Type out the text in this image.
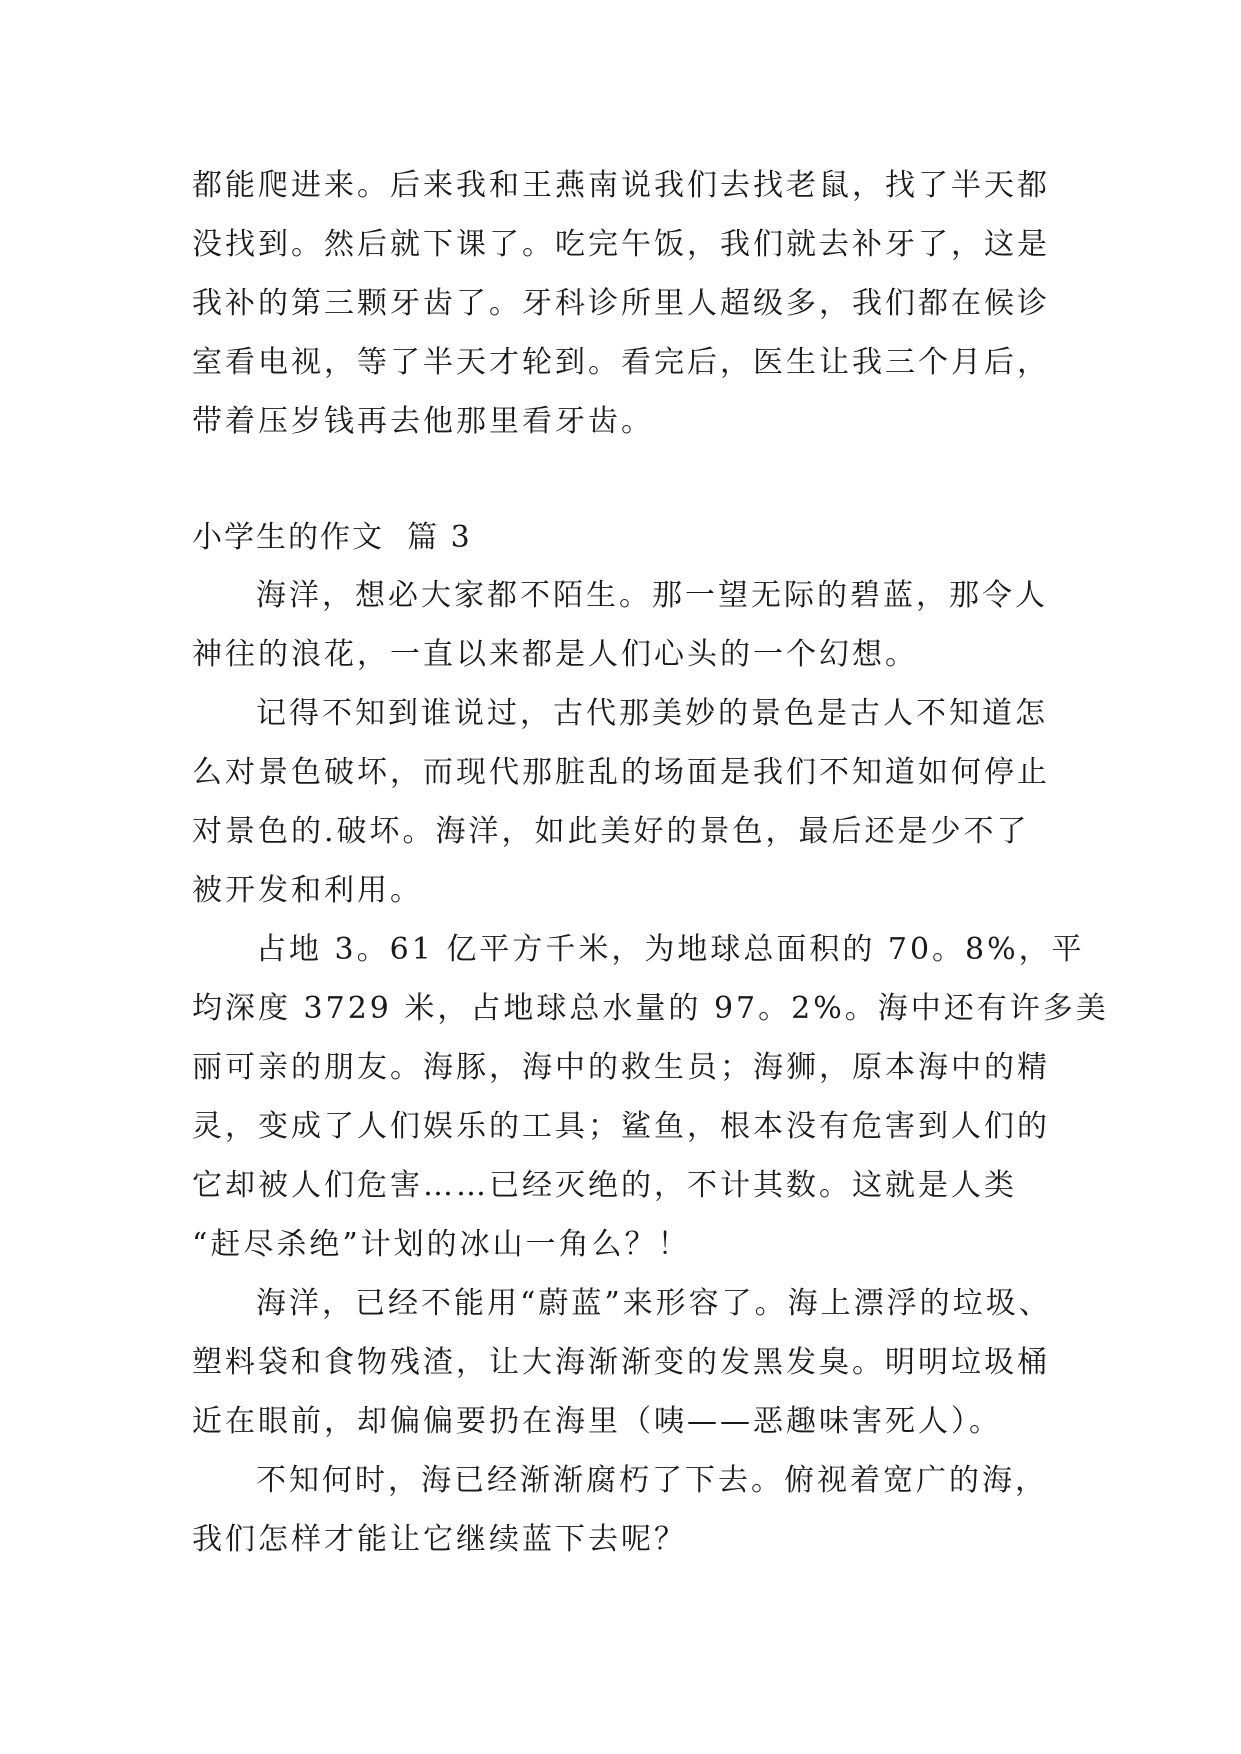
都能爬进来。后来我和王燕南说我们去找老鼠，找了半天都
没找到。然后就下课了。吃完午饭，我们就去补牙了，这是
我补的第三颗牙齿了。牙科诊所里人超级多，我们都在候诊
室看电视，等了半天才轮到。看完后，医生让我三个月后，
带着压岁钱再去他那里看牙齿。
小学生的作文  篇 3
海洋，想必大家都不陌生。那一望无际的碧蓝，那令人
神往的浪花，一直以来都是人们心头的一个幻想。
记得不知到谁说过，古代那美妙的景色是古人不知道怎
么对景色破坏，而现代那脏乱的场面是我们不知道如何停止
对景色的.破坏。海洋，如此美好的景色，最后还是少不了
被开发和利用。
占地 3。61 亿平方千米，为地球总面积的 70。8%，平
均深度 3729 米，占地球总水量的 97。2%。海中还有许多美
丽可亲的朋友。海豚，海中的救生员；海狮，原本海中的精
灵，变成了人们娱乐的工具；鲨鱼，根本没有危害到人们的
它却被人们危害……已经灭绝的，不计其数。这就是人类
“赶尽杀绝”计划的冰山一角么？！
海洋，已经不能用“蔚蓝”来形容了。海上漂浮的垃圾、
塑料袋和食物残渣，让大海渐渐变的发黑发臭。明明垃圾桶
近在眼前，却偏偏要扔在海里（咦——恶趣味害死人）。
不知何时，海已经渐渐腐朽了下去。俯视着宽广的海，
我们怎样才能让它继续蓝下去呢？
